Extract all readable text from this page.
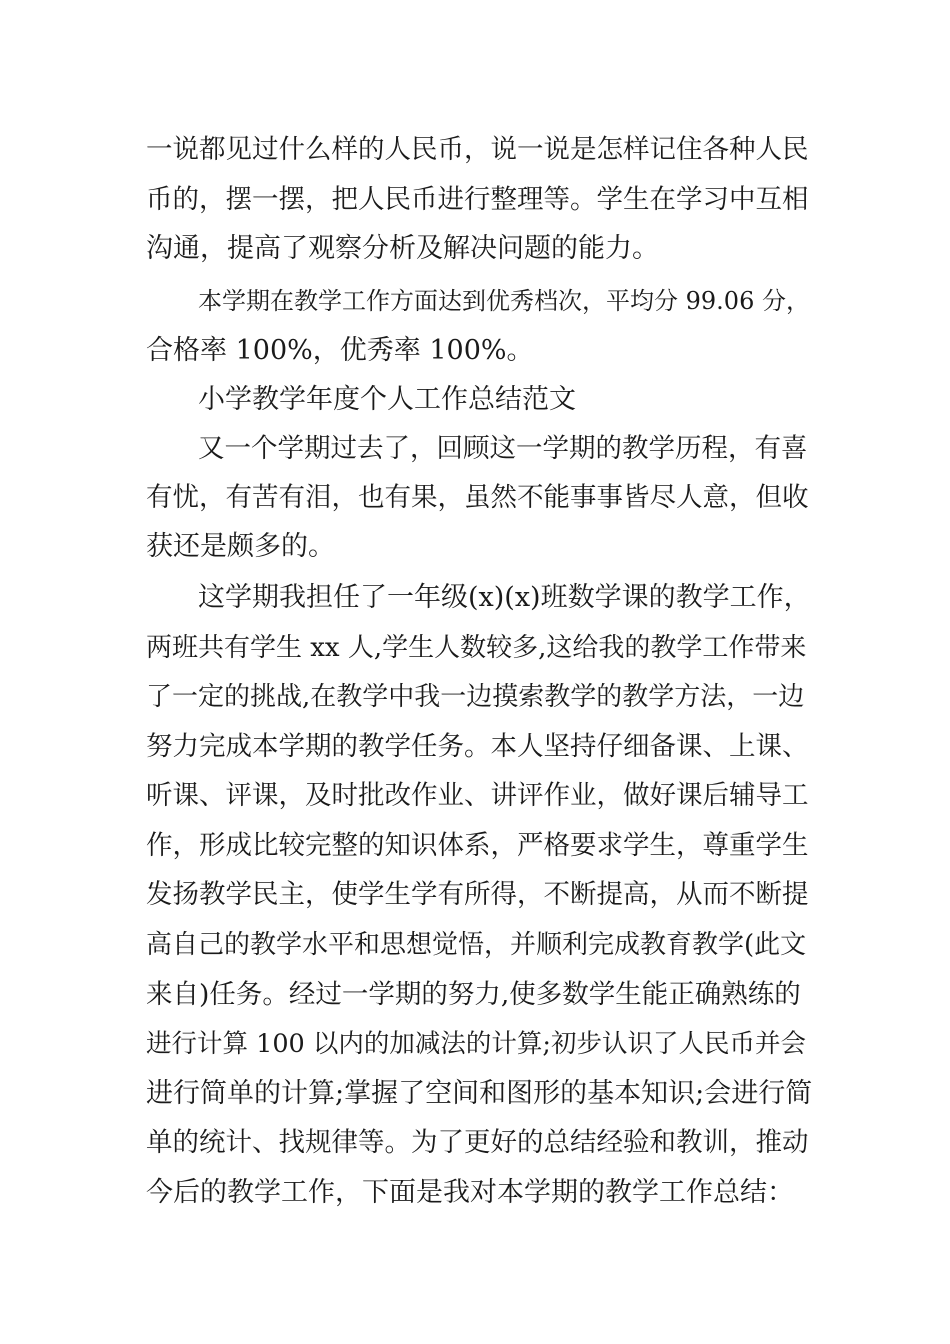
一说都见过什么样的人民币，说一说是怎样记住各种人民
币的，摆一摆，把人民币进行整理等。学生在学习中互相
沟通，提高了观察分析及解决问题的能力。
本学期在教学工作方面达到优秀档次，平均分 99.06 分，
合格率 100%，优秀率 100%。
小学教学年度个人工作总结范文
又一个学期过去了，回顾这一学期的教学历程，有喜
有忧，有苦有泪，也有果，虽然不能事事皆尽人意，但收
获还是颇多的。
这学期我担任了一年级(x)(x)班数学课的教学工作，
两班共有学生 xx 人,学生人数较多,这给我的教学工作带来
了一定的挑战,在教学中我一边摸索教学的教学方法，一边
努力完成本学期的教学任务。本人坚持仔细备课、上课、
听课、评课，及时批改作业、讲评作业，做好课后辅导工
作，形成比较完整的知识体系，严格要求学生，尊重学生
发扬教学民主，使学生学有所得，不断提高，从而不断提
高自己的教学水平和思想觉悟，并顺利完成教育教学(此文
来自)任务。经过一学期的努力,使多数学生能正确熟练的
进行计算 100 以内的加减法的计算;初步认识了人民币并会
进行简单的计算;掌握了空间和图形的基本知识;会进行简
单的统计、找规律等。为了更好的总结经验和教训，推动
今后的教学工作，下面是我对本学期的教学工作总结：
